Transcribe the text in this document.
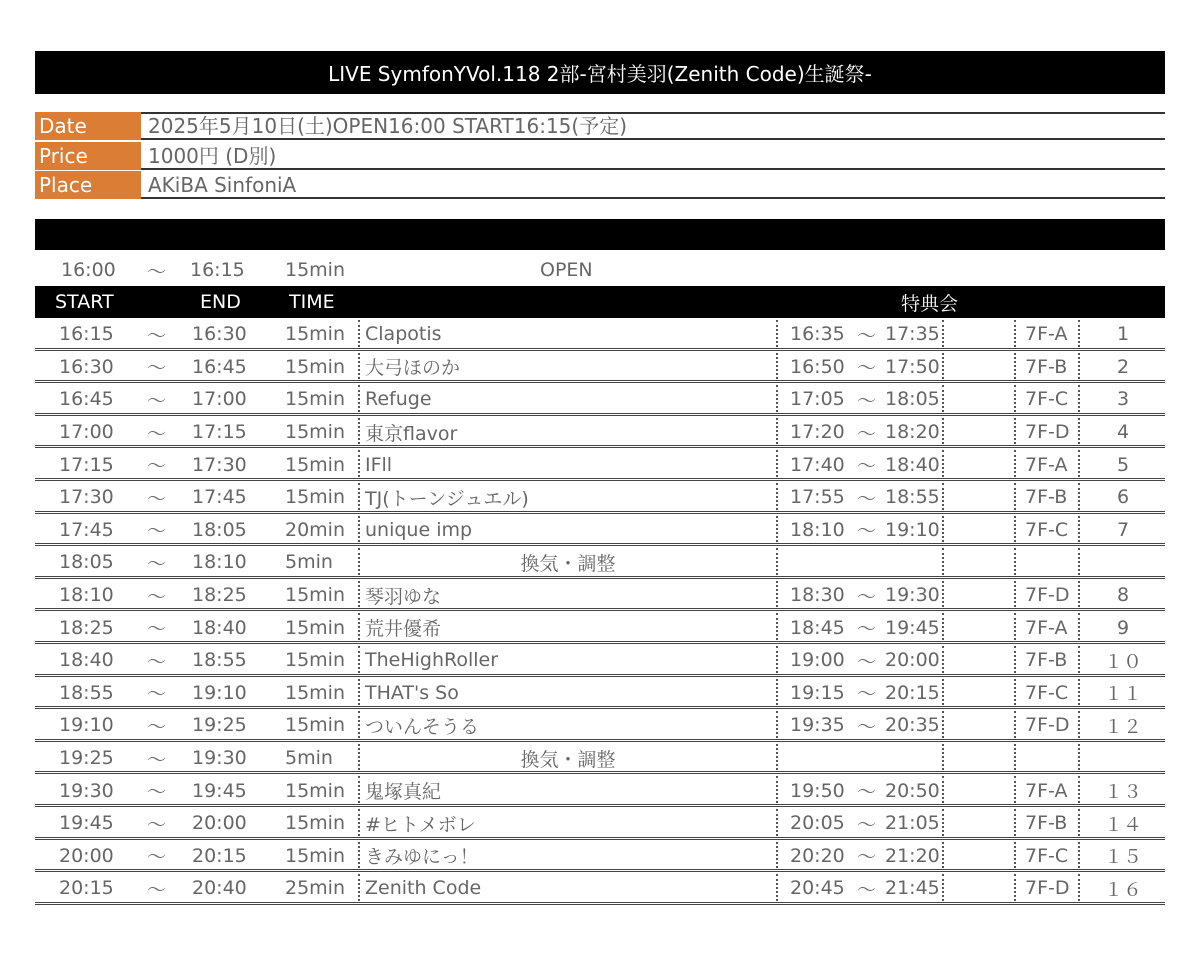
LIVE SymfonYVol.118 2部-宮村美羽(Zenith Code)生誕祭-
Date	2025年5月10日(土)OPEN16:00 START16:15(予定)
Price	1000円 (D別)
Place	AKiBA SinfoniA
16:00	〜 16:15	15min	OPEN
START	END	TIME	特典会
16:15	〜 16:30	15min	Clapotis	16:35 〜 17:35	7F-A	1
16:30	〜 16:45	15min	大弓ほのか	16:50 〜 17:50	7F-B	2
16:45	〜 17:00	15min	Refuge	17:05 〜 18:05	7F-C	3
17:00	〜 17:15	15min	東京flavor	17:20 〜 18:20	7F-D	4
17:15	〜 17:30	15min	IFll	17:40 〜 18:40	7F-A	5
17:30	〜 17:45	15min	TJ(トーンジュエル)	17:55 〜 18:55	7F-B	6
17:45	〜 18:05	20min	unique imp	18:10 〜 19:10	7F-C	7
18:05	〜 18:10	5min	換気・調整
18:10	〜 18:25	15min	琴羽ゆな	18:30 〜 19:30	7F-D	8
18:25	〜 18:40	15min	荒井優希	18:45 〜 19:45	7F-A	9
18:40	〜 18:55	15min	TheHighRoller	19:00 〜 20:00	7F-B	１０
18:55	〜 19:10	15min	THAT's So	19:15 〜 20:15	7F-C	１１
19:10	〜 19:25	15min	ついんそうる	19:35 〜 20:35	7F-D	１２
19:25	〜 19:30	5min	換気・調整
19:30	〜 19:45	15min	鬼塚真紀	19:50 〜 20:50	7F-A	１３
19:45	〜 20:00	15min	#ヒトメボレ	20:05 〜 21:05	7F-B	１４
20:00	〜 20:15	15min	きみゆにっ！	20:20 〜 21:20	7F-C	１５
20:15	〜 20:40	25min	Zenith Code	20:45 〜 21:45	7F-D	１６
